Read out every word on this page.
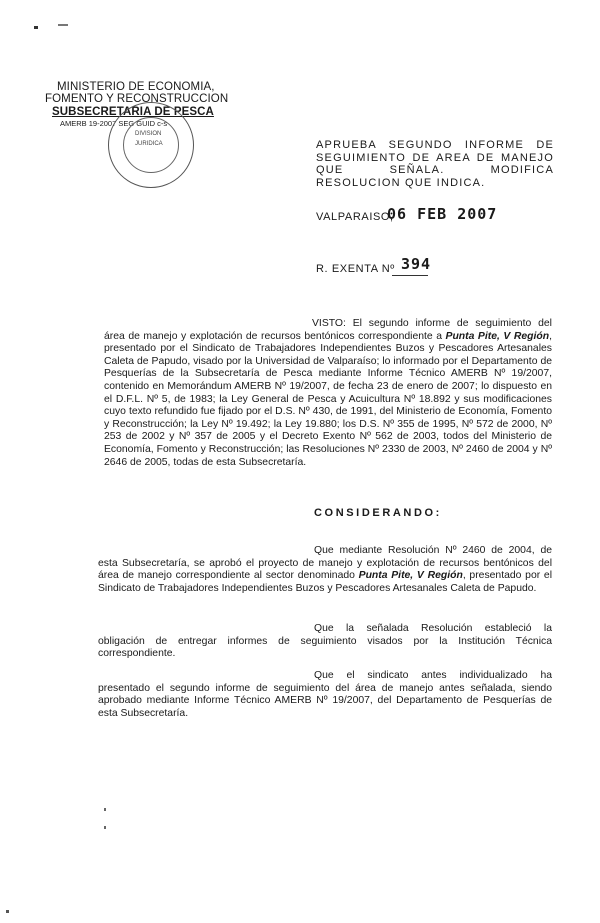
MINISTERIO DE ECONOMIA,
FOMENTO Y RECONSTRUCCION
SUBSECRETARIA DE PESCA
AMERB 19-2007 SEG GUID c-s
DIVISION
JURIDICA	APRUEBA SEGUNDO INFORME DE SEGUIMIENTO DE AREA DE MANEJO QUE SEÑALA. MODIFICA RESOLUCION QUE INDICA.
VALPARAISO,
06 FEB 2007
R. EXENTA Nº 394
VISTO: El segundo informe de seguimiento del área de manejo y explotación de recursos bentónicos correspondiente a Punta Pite, V Región, presentado por el Sindicato de Trabajadores Independientes Buzos y Pescadores Artesanales Caleta de Papudo, visado por la Universidad de Valparaíso; lo informado por el Departamento de Pesquerías de la Subsecretaría de Pesca mediante Informe Técnico AMERB Nº 19/2007, contenido en Memorándum AMERB Nº 19/2007, de fecha 23 de enero de 2007; lo dispuesto en el D.F.L. Nº 5, de 1983; la Ley General de Pesca y Acuicultura Nº 18.892 y sus modificaciones cuyo texto refundido fue fijado por el D.S. Nº 430, de 1991, del Ministerio de Economía, Fomento y Reconstrucción; la Ley Nº 19.492; la Ley 19.880; los D.S. Nº 355 de 1995, Nº 572 de 2000, Nº 253 de 2002 y Nº 357 de 2005 y el Decreto Exento Nº 562 de 2003, todos del Ministerio de Economía, Fomento y Reconstrucción; las Resoluciones Nº 2330 de 2003, Nº 2460 de 2004 y Nº 2646 de 2005, todas de esta Subsecretaría.
CONSIDERANDO:
Que mediante Resolución Nº 2460 de 2004, de esta Subsecretaría, se aprobó el proyecto de manejo y explotación de recursos bentónicos del área de manejo correspondiente al sector denominado Punta Pite, V Región, presentado por el Sindicato de Trabajadores Independientes Buzos y Pescadores Artesanales Caleta de Papudo.
Que la señalada Resolución estableció la obligación de entregar informes de seguimiento visados por la Institución Técnica correspondiente.
Que el sindicato antes individualizado ha presentado el segundo informe de seguimiento del área de manejo antes señalada, siendo aprobado mediante Informe Técnico AMERB Nº 19/2007, del Departamento de Pesquerías de esta Subsecretaría.
